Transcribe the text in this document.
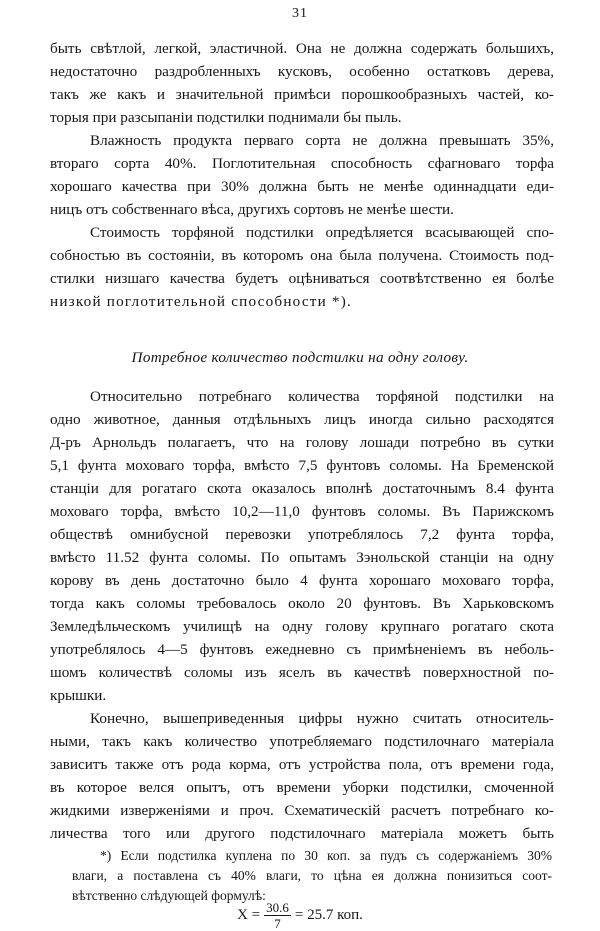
31

быть свѣтлой, легкой, эластичной. Она не должна содержать большихъ,

недостаточно раздробленныхъ кусковъ, особенно остатковъ дерева,

такъ же какъ и значительной примѣси порошкообразныхъ частей, ко-

торыя при разсыпаніи подстилки поднимали бы пыль.

Влажность продукта перваго сорта не должна превышать 35%,

втораго сорта 40%. Поглотительная способность сфагноваго торфа

хорошаго качества при 30% должна быть не менѣе одиннадцати еди-

ницъ отъ собственнаго вѣса, другихъ сортовъ не менѣе шести.

Стоимость торфяной подстилки опредѣляется всасывающей спо-

собностью въ состояніи, въ которомъ она была получена. Стоимость под-

стилки низшаго качества будетъ оцѣниваться соотвѣтственно ея болѣе

низкой поглотительной способности *).

Потребное количество подстилки на одну голову.

Относительно потребнаго количества торфяной подстилки на

одно животное, данныя отдѣльныхъ лицъ иногда сильно расходятся

Д-ръ Арнольдъ полагаетъ, что на голову лошади потребно въ сутки

5,1 фунта моховаго торфа, вмѣсто 7,5 фунтовъ соломы. На Бременской

станціи для рогатаго скота оказалось вполнѣ достаточнымъ 8.4 фунта

моховаго торфа, вмѣсто 10,2—11,0 фунтовъ соломы. Въ Парижскомъ

обществѣ омнибусной перевозки употреблялось 7,2 фунта торфа,

вмѣсто 11.52 фунта соломы. По опытамъ Зэнольской станціи на одну

корову въ день достаточно было 4 фунта хорошаго моховаго торфа,

тогда какъ соломы требовалось около 20 фунтовъ. Въ Харьковскомъ

Земледѣльческомъ училищѣ на одну голову крупнаго рогатаго скота

употреблялось 4—5 фунтовъ ежедневно съ примѣненіемъ въ неболь-

шомъ количествѣ соломы изъ яселъ въ качествѣ поверхностной по-

крышки.

Конечно, вышеприведенныя цифры нужно считать относитель-

ными, такъ какъ количество употребляемаго подстилочнаго матеріала

зависитъ также отъ рода корма, отъ устройства пола, отъ времени года,

въ которое велся опытъ, отъ времени уборки подстилки, смоченной

жидкими изверженіями и проч. Схематическій расчетъ потребнаго ко-

личества того или другого подстилочнаго матеріала можетъ быть

*) Если подстилка куплена по 30 коп. за пудъ съ содержаніемъ 30%

влаги, а поставлена съ 40% влаги, то цѣна ея должна понизиться соот-

вѣтственно слѣдующей формулѣ:

$X = \frac{30.6}{7} = 25.7$ коп.
